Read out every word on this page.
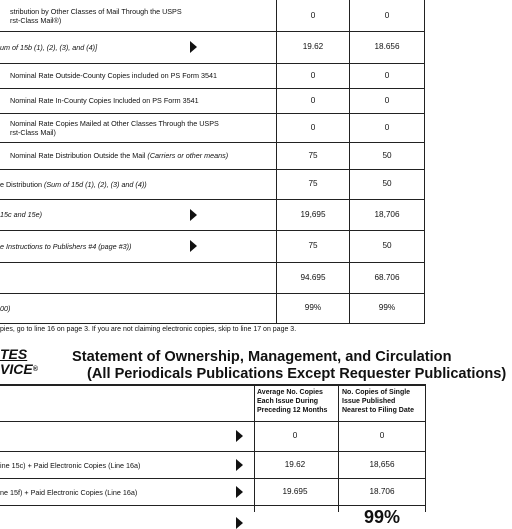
stribution by Other Classes of Mail Through the USPS
rst-Class Mail®)
0	0
um of 15b (1), (2), (3), and (4)]	19.62	18.656
Nominal Rate Outside-County Copies included on PS Form 3541	0	0
Nominal Rate In-County Copies Included on PS Form 3541	0	0
Nominal Rate Copies Mailed at Other Classes Through the USPS
rst-Class Mail)
0	0
Nominal Rate Distribution Outside the Mail (Carriers or other means)	75	50
e Distribution (Sum of 15d (1), (2), (3) and (4))	75	50
15c and 15e)	19,695	18,706
e Instructions to Publishers #4 (page #3))	75	50
94.695	68.706
00)	99%	99%
pies, go to line 16 on page 3. If you are not claiming electronic copies, skip to line 17 on page 3.
TES
VICE®
Statement of Ownership, Management, and Circulation
(All Periodicals Publications Except Requester Publications)
Average No. Copies
Each Issue During
Preceding 12 Months
No. Copies of Single
Issue Published
Nearest to Filing Date
0	0
ine 15c) + Paid Electronic Copies (Line 16a)	19.62	18,656
ne 15f) + Paid Electronic Copies (Line 16a)	19.695	18.706
99%
